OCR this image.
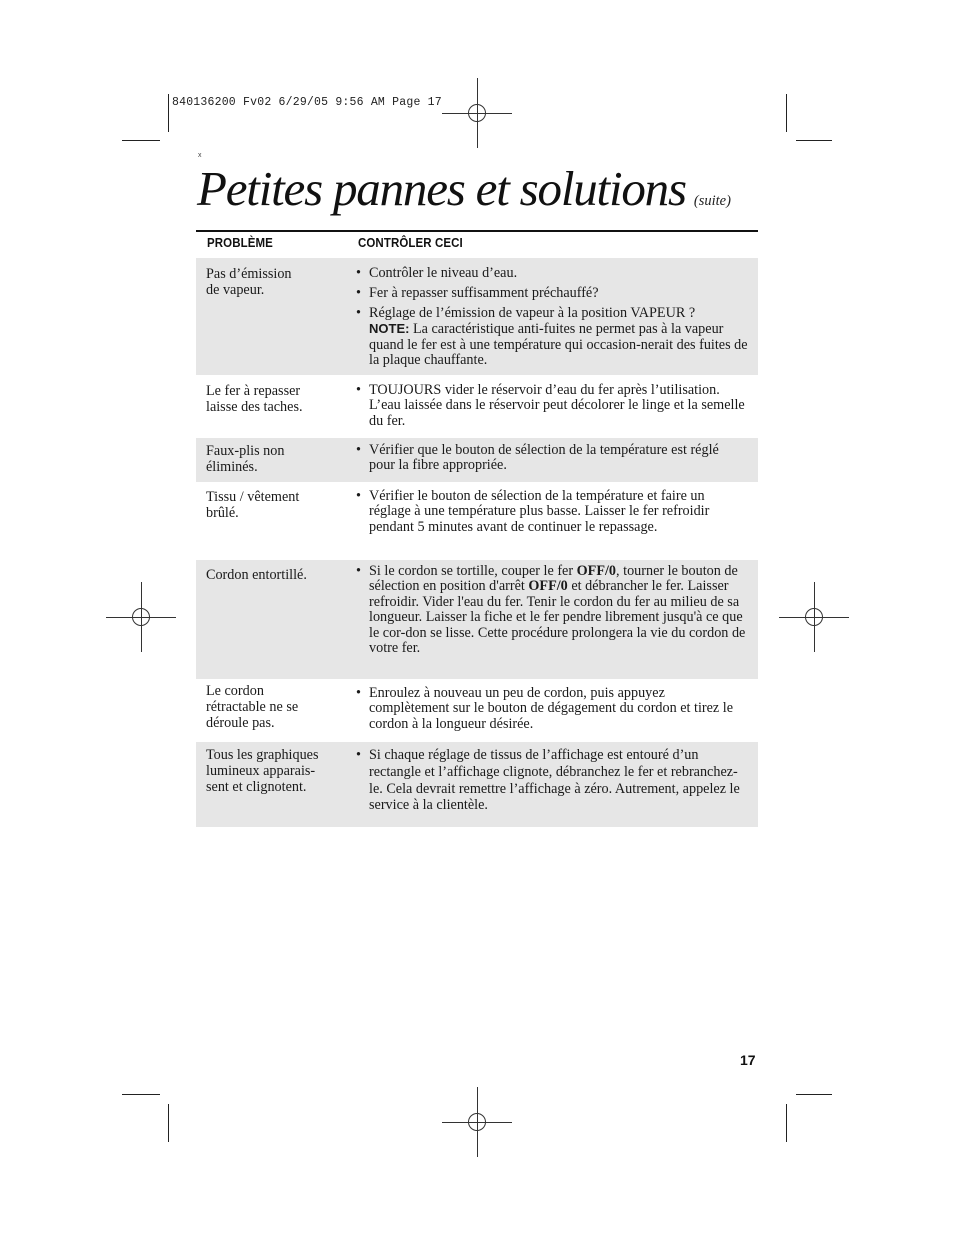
840136200 Fv02 6/29/05 9:56 AM Page 17
x
Petites pannes et solutions (suite)
PROBLÈME	CONTRÔLER CECI
Pas d’émission
de vapeur.
• Contrôler le niveau d’eau.
• Fer à repasser suffisamment préchauffé?
• Réglage de l’émission de vapeur à la position VAPEUR ?
NOTE: La caractéristique anti-fuites ne permet pas à la vapeur quand le fer est à une température qui occasion-nerait des fuites de la plaque chauffante.
Le fer à repasser
laisse des taches.
• TOUJOURS vider le réservoir d’eau du fer après l’utilisation. L’eau laissée dans le réservoir peut décolorer le linge et la semelle du fer.
Faux-plis non
éliminés.
• Vérifier que le bouton de sélection de la température est réglé pour la fibre appropriée.
Tissu / vêtement
brûlé.
• Vérifier le bouton de sélection de la température et faire un réglage à une température plus basse. Laisser le fer refroidir pendant 5 minutes avant de continuer le repassage.
Cordon entortillé.	• Si le cordon se tortille, couper le fer OFF/0, tourner le bouton de sélection en position d'arrêt OFF/0 et débrancher le fer. Laisser refroidir. Vider l'eau du fer. Tenir le cordon du fer au milieu de sa longueur. Laisser la fiche et le fer pendre librement jusqu'à ce que le cor-don se lisse. Cette procédure prolongera la vie du cordon de votre fer.
Le cordon
rétractable ne se
déroule pas.
• Enroulez à nouveau un peu de cordon, puis appuyez complètement sur le bouton de dégagement du cordon et tirez le cordon à la longueur désirée.
Tous les graphiques
lumineux apparais-
sent et clignotent.
• Si chaque réglage de tissus de l’affichage est entouré d’un rectangle et l’affichage clignote, débranchez le fer et rebranchez-le. Cela devrait remettre l’affichage à zéro. Autrement, appelez le service à la clientèle.
17
